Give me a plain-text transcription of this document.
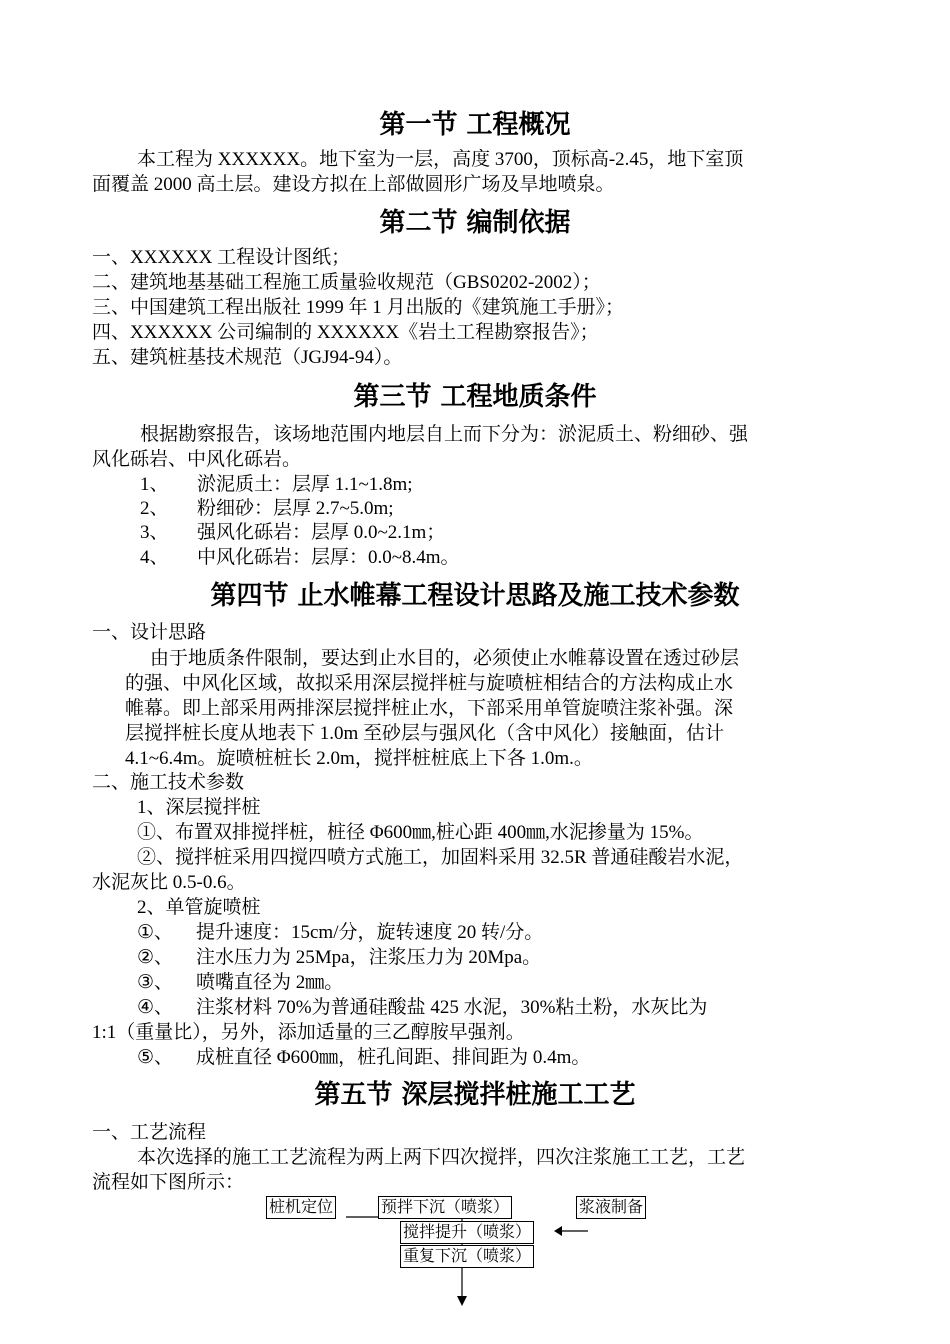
第一节 工程概况
本工程为 XXXXXX。地下室为一层，高度 3700，顶标高-2.45，地下室顶
面覆盖 2000 高土层。建设方拟在上部做圆形广场及旱地喷泉。
第二节 编制依据
一、XXXXXX 工程设计图纸；
二、建筑地基基础工程施工质量验收规范（GBS0202-2002）；
三、中国建筑工程出版社 1999 年 1 月出版的《建筑施工手册》；
四、XXXXXX 公司编制的 XXXXXX《岩土工程勘察报告》；
五、建筑桩基技术规范（JGJ94-94）。
第三节 工程地质条件
根据勘察报告，该场地范围内地层自上而下分为：淤泥质土、粉细砂、强
风化砾岩、中风化砾岩。
1、 淤泥质土：层厚 1.1~1.8m;
2、 粉细砂：层厚 2.7~5.0m;
3、 强风化砾岩：层厚 0.0~2.1m；
4、 中风化砾岩：层厚：0.0~8.4m。
第四节 止水帷幕工程设计思路及施工技术参数
一、设计思路
由于地质条件限制，要达到止水目的，必须使止水帷幕设置在透过砂层
的强、中风化区域，故拟采用深层搅拌桩与旋喷桩相结合的方法构成止水
帷幕。即上部采用两排深层搅拌桩止水，下部采用单管旋喷注浆补强。深
层搅拌桩长度从地表下 1.0m 至砂层与强风化（含中风化）接触面，估计
4.1~6.4m。旋喷桩桩长 2.0m，搅拌桩桩底上下各 1.0m.。
二、施工技术参数
1、深层搅拌桩
①、布置双排搅拌桩，桩径 Φ600㎜,桩心距 400㎜,水泥掺量为 15%。
②、搅拌桩采用四搅四喷方式施工，加固料采用 32.5R 普通硅酸岩水泥，
水泥灰比 0.5-0.6。
2、单管旋喷桩
①、 提升速度：15cm/分，旋转速度 20 转/分。
②、 注水压力为 25Mpa，注浆压力为 20Mpa。
③、 喷嘴直径为 2㎜。
④、 注浆材料 70%为普通硅酸盐 425 水泥，30%粘土粉，水灰比为
1:1（重量比），另外，添加适量的三乙醇胺早强剂。
⑤、 成桩直径 Φ600㎜，桩孔间距、排间距为 0.4m。
第五节 深层搅拌桩施工工艺
一、工艺流程
本次选择的施工工艺流程为两上两下四次搅拌，四次注浆施工工艺，工艺
流程如下图所示：
桩机定位	预拌下沉（喷浆）	浆液制备
搅拌提升（喷浆）
重复下沉（喷浆）
